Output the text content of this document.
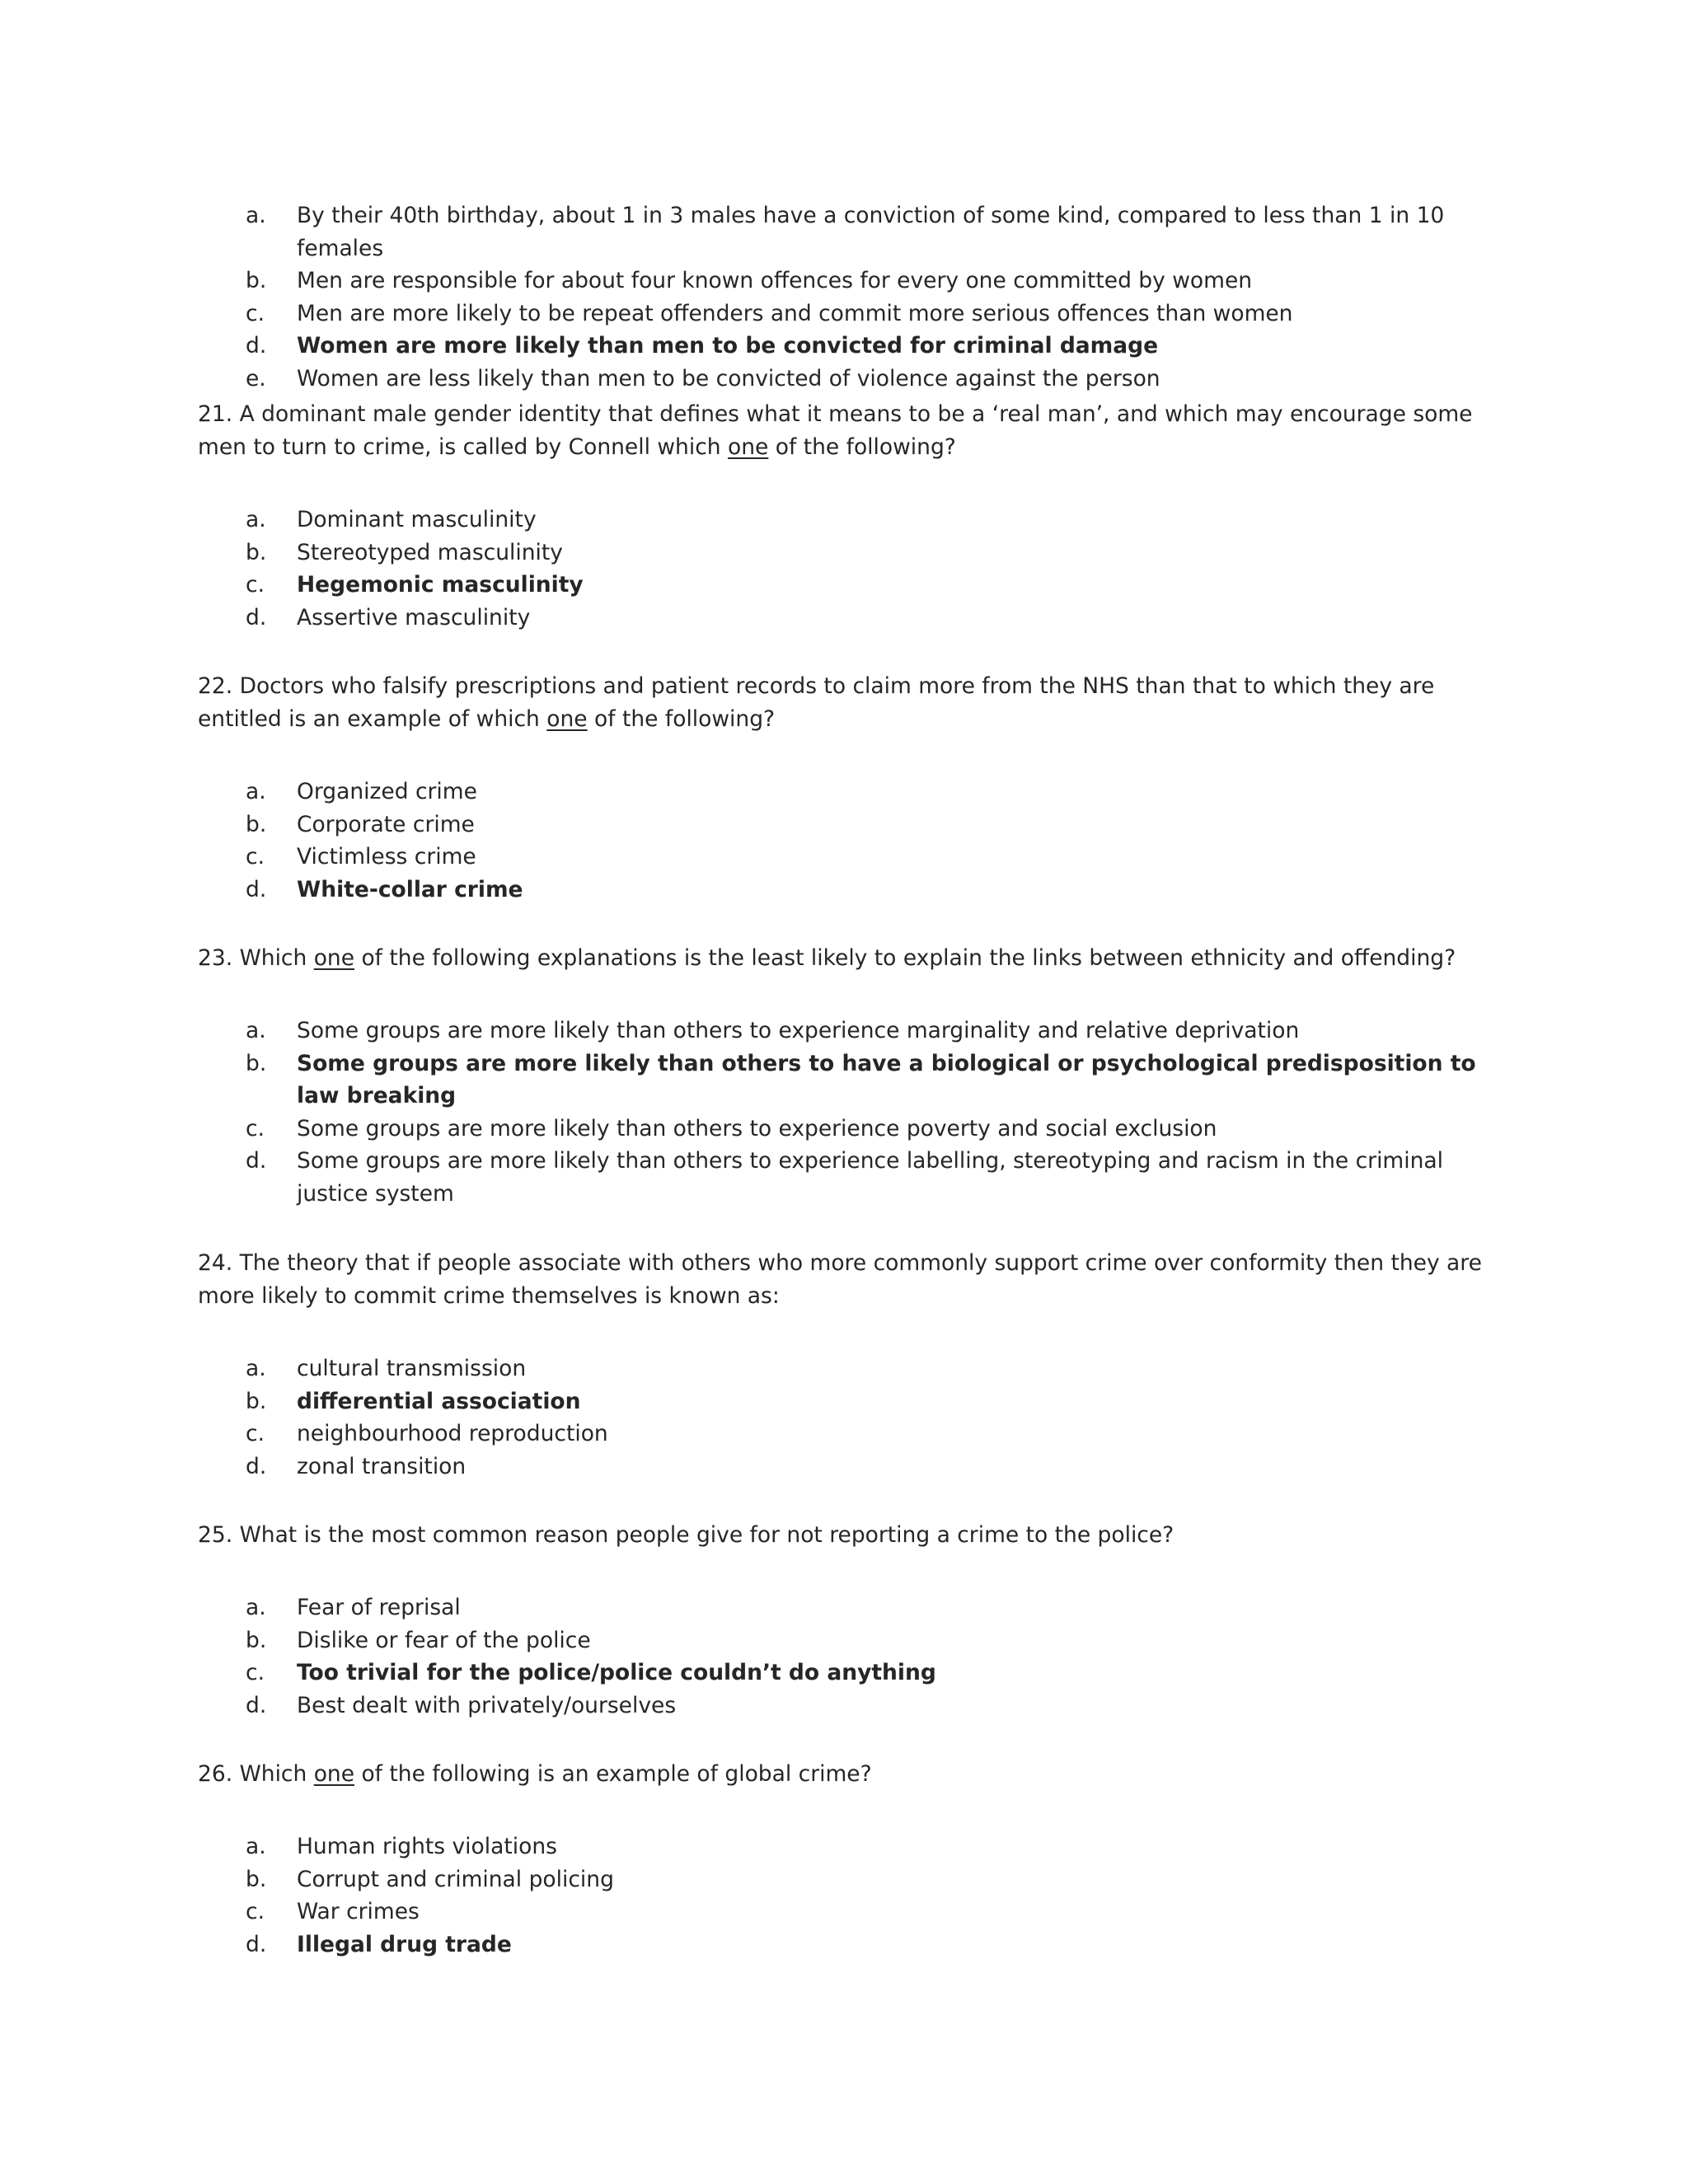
a. By their 40th birthday, about 1 in 3 males have a conviction of some kind, compared to less than 1 in 10 females
b. Men are responsible for about four known offences for every one committed by women
c. Men are more likely to be repeat offenders and commit more serious offences than women
d. Women are more likely than men to be convicted for criminal damage
e. Women are less likely than men to be convicted of violence against the person

21. A dominant male gender identity that defines what it means to be a ‘real man’, and which may encourage some men to turn to crime, is called by Connell which one of the following?

a. Dominant masculinity
b. Stereotyped masculinity
c. Hegemonic masculinity
d. Assertive masculinity

22. Doctors who falsify prescriptions and patient records to claim more from the NHS than that to which they are entitled is an example of which one of the following?

a. Organized crime
b. Corporate crime
c. Victimless crime
d. White-collar crime

23. Which one of the following explanations is the least likely to explain the links between ethnicity and offending?

a. Some groups are more likely than others to experience marginality and relative deprivation
b. Some groups are more likely than others to have a biological or psychological predisposition to law breaking
c. Some groups are more likely than others to experience poverty and social exclusion
d. Some groups are more likely than others to experience labelling, stereotyping and racism in the criminal justice system

24. The theory that if people associate with others who more commonly support crime over conformity then they are more likely to commit crime themselves is known as:

a. cultural transmission
b. differential association
c. neighbourhood reproduction
d. zonal transition

25. What is the most common reason people give for not reporting a crime to the police?

a. Fear of reprisal
b. Dislike or fear of the police
c. Too trivial for the police/police couldn’t do anything
d. Best dealt with privately/ourselves

26. Which one of the following is an example of global crime?

a. Human rights violations
b. Corrupt and criminal policing
c. War crimes
d. Illegal drug trade
